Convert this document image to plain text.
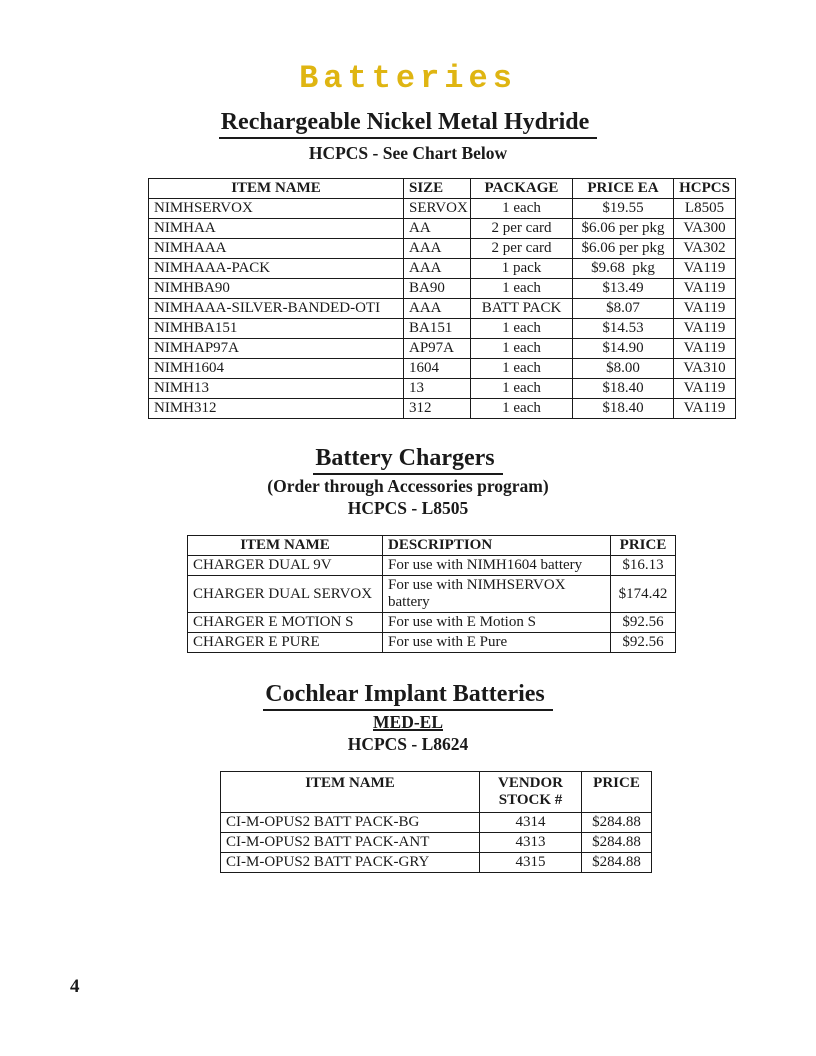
Batteries
Rechargeable Nickel Metal Hydride
HCPCS - See Chart Below
ITEM NAME	SIZE	PACKAGE	PRICE EA	HCPCS
NIMHSERVOX	SERVOX	1 each	$19.55	L8505
NIMHAA	AA	2 per card	$6.06 per pkg	VA300
NIMHAAA	AAA	2 per card	$6.06 per pkg	VA302
NIMHAAA-PACK	AAA	1 pack	$9.68  pkg	VA119
NIMHBA90	BA90	1 each	$13.49	VA119
NIMHAAA-SILVER-BANDED-OTI	AAA	BATT PACK	$8.07	VA119
NIMHBA151	BA151	1 each	$14.53	VA119
NIMHAP97A	AP97A	1 each	$14.90	VA119
NIMH1604	1604	1 each	$8.00	VA310
NIMH13	13	1 each	$18.40	VA119
NIMH312	312	1 each	$18.40	VA119
Battery Chargers
(Order through Accessories program)
HCPCS - L8505
ITEM NAME	DESCRIPTION	PRICE
CHARGER DUAL 9V	For use with NIMH1604 battery	$16.13
CHARGER DUAL SERVOX	For use with NIMHSERVOX battery	$174.42
CHARGER E MOTION S	For use with E Motion S	$92.56
CHARGER E PURE	For use with E Pure	$92.56
Cochlear Implant Batteries
MED-EL
HCPCS - L8624
ITEM NAME	VENDOR STOCK #	PRICE
CI-M-OPUS2 BATT PACK-BG	4314	$284.88
CI-M-OPUS2 BATT PACK-ANT	4313	$284.88
CI-M-OPUS2 BATT PACK-GRY	4315	$284.88
4
